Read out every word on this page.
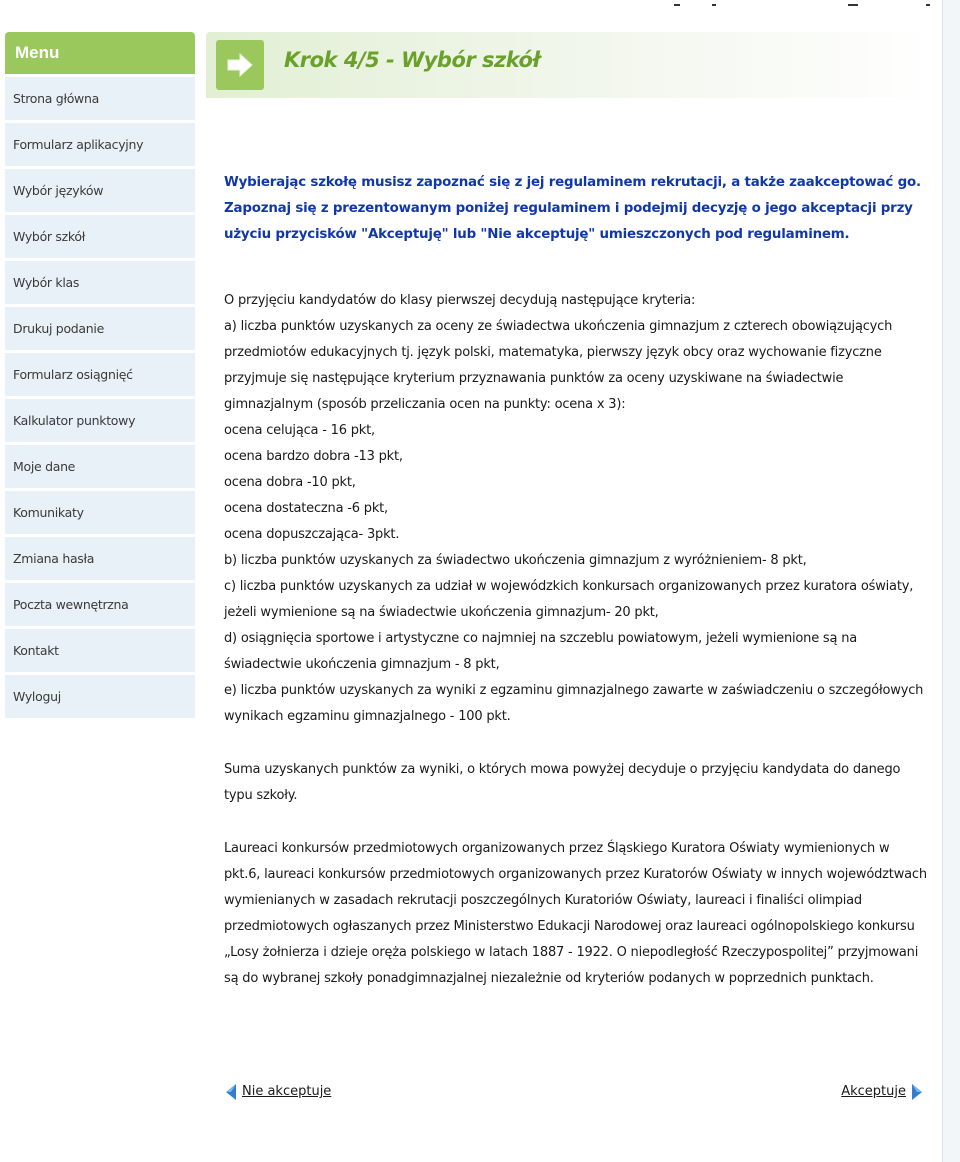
Menu
Strona główna
Formularz aplikacyjny
Wybór języków
Wybór szkół
Wybór klas
Drukuj podanie
Formularz osiągnięć
Kalkulator punktowy
Moje dane
Komunikaty
Zmiana hasła
Poczta wewnętrzna
Kontakt
Wyloguj
Krok 4/5 - Wybór szkół
Wybierając szkołę musisz zapoznać się z jej regulaminem rekrutacji, a także zaakceptować go. Zapoznaj się z prezentowanym poniżej regulaminem i podejmij decyzję o jego akceptacji przy użyciu przycisków "Akceptuję" lub "Nie akceptuję" umieszczonych pod regulaminem.

O przyjęciu kandydatów do klasy pierwszej decydują następujące kryteria:

a) liczba punktów uzyskanych za oceny ze świadectwa ukończenia gimnazjum z czterech obowiązujących przedmiotów edukacyjnych tj. język polski, matematyka, pierwszy język obcy oraz wychowanie fizyczne przyjmuje się następujące kryterium przyznawania punktów za oceny uzyskiwane na świadectwie gimnazjalnym (sposób przeliczania ocen na punkty: ocena x 3):

ocena celująca - 16 pkt,

ocena bardzo dobra -13 pkt,

ocena dobra -10 pkt,

ocena dostateczna -6 pkt,

ocena dopuszczająca- 3pkt.

b) liczba punktów uzyskanych za świadectwo ukończenia gimnazjum z wyróżnieniem- 8 pkt,

c) liczba punktów uzyskanych za udział w wojewódzkich konkursach organizowanych przez kuratora oświaty, jeżeli wymienione są na świadectwie ukończenia gimnazjum- 20 pkt,

d) osiągnięcia sportowe i artystyczne co najmniej na szczeblu powiatowym, jeżeli wymienione są na świadectwie ukończenia gimnazjum - 8 pkt,

e) liczba punktów uzyskanych za wyniki z egzaminu gimnazjalnego zawarte w zaświadczeniu o szczegółowych wynikach egzaminu gimnazjalnego - 100 pkt.

Suma uzyskanych punktów za wyniki, o których mowa powyżej decyduje o przyjęciu kandydata do danego typu szkoły.

Laureaci konkursów przedmiotowych organizowanych przez Śląskiego Kuratora Oświaty wymienionych w pkt.6, laureaci konkursów przedmiotowych organizowanych przez Kuratorów Oświaty w innych województwach wymienianych w zasadach rekrutacji poszczególnych Kuratoriów Oświaty, laureaci i finaliści olimpiad przedmiotowych ogłaszanych przez Ministerstwo Edukacji Narodowej oraz laureaci ogólnopolskiego konkursu „Losy żołnierza i dzieje oręża polskiego w latach 1887 - 1922. O niepodległość Rzeczypospolitej” przyjmowani są do wybranej szkoły ponadgimnazjalnej niezależnie od kryteriów podanych w poprzednich punktach.

Nie akceptuje	Akceptuje
